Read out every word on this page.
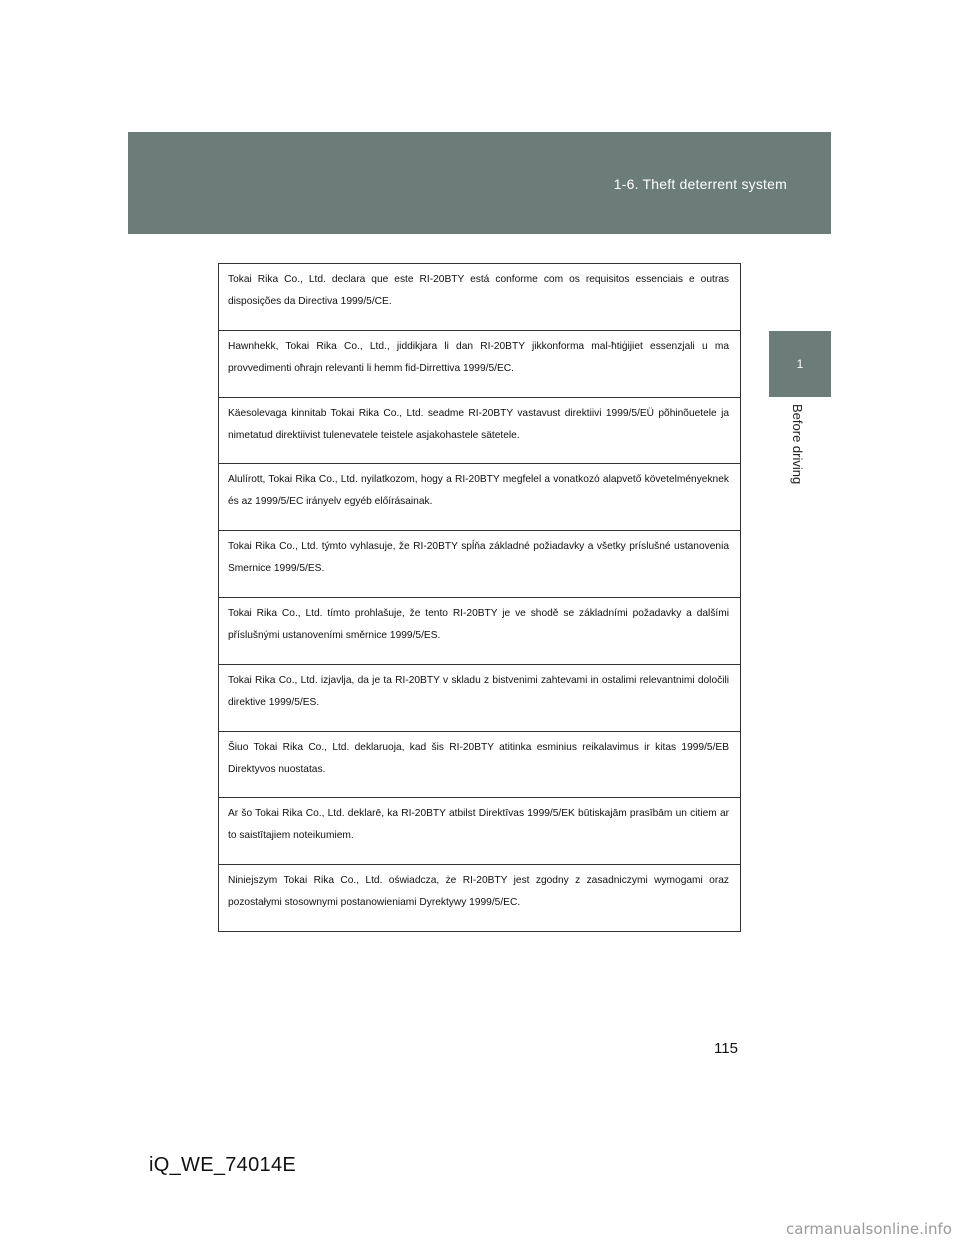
1-6. Theft deterrent system
1
Before driving
Tokai Rika Co., Ltd. declara que este RI-20BTY está conforme com os requisitos essenciais e outras disposições da Directiva 1999/5/CE.
Hawnhekk, Tokai Rika Co., Ltd., jiddikjara li dan RI-20BTY jikkonforma mal-ħtiġijiet essenzjali u ma provvedimenti oħrajn relevanti li hemm fid-Dirrettiva 1999/5/EC.
Käesolevaga kinnitab Tokai Rika Co., Ltd. seadme RI-20BTY vastavust direktiivi 1999/5/EÜ põhinõuetele ja nimetatud direktiivist tulenevatele teistele asjakohastele sätetele.
Alulírott, Tokai Rika Co., Ltd. nyilatkozom, hogy a RI-20BTY megfelel a vonatkozó alapvető követelményeknek és az 1999/5/EC irányelv egyéb előírásainak.
Tokai Rika Co., Ltd. týmto vyhlasuje, že RI-20BTY spĺňa základné požiadavky a všetky príslušné ustanovenia Smernice 1999/5/ES.
Tokai Rika Co., Ltd. tímto prohlašuje, že tento RI-20BTY je ve shodě se základními požadavky a dalšími příslušnými ustanoveními směrnice 1999/5/ES.
Tokai Rika Co., Ltd. izjavlja, da je ta RI-20BTY v skladu z bistvenimi zahtevami in ostalimi relevantnimi določili direktive 1999/5/ES.
Šiuo Tokai Rika Co., Ltd. deklaruoja, kad šis RI-20BTY atitinka esminius reikalavimus ir kitas 1999/5/EB Direktyvos nuostatas.
Ar šo Tokai Rika Co., Ltd. deklarē, ka RI-20BTY atbilst Direktīvas 1999/5/EK būtiskajām prasībām un citiem ar to saistītajiem noteikumiem.
Niniejszym Tokai Rika Co., Ltd. oświadcza, że RI-20BTY jest zgodny z zasadniczymi wymogami oraz pozostałymi stosownymi postanowieniami Dyrektywy 1999/5/EC.
115
iQ_WE_74014E
carmanualsonline.info
